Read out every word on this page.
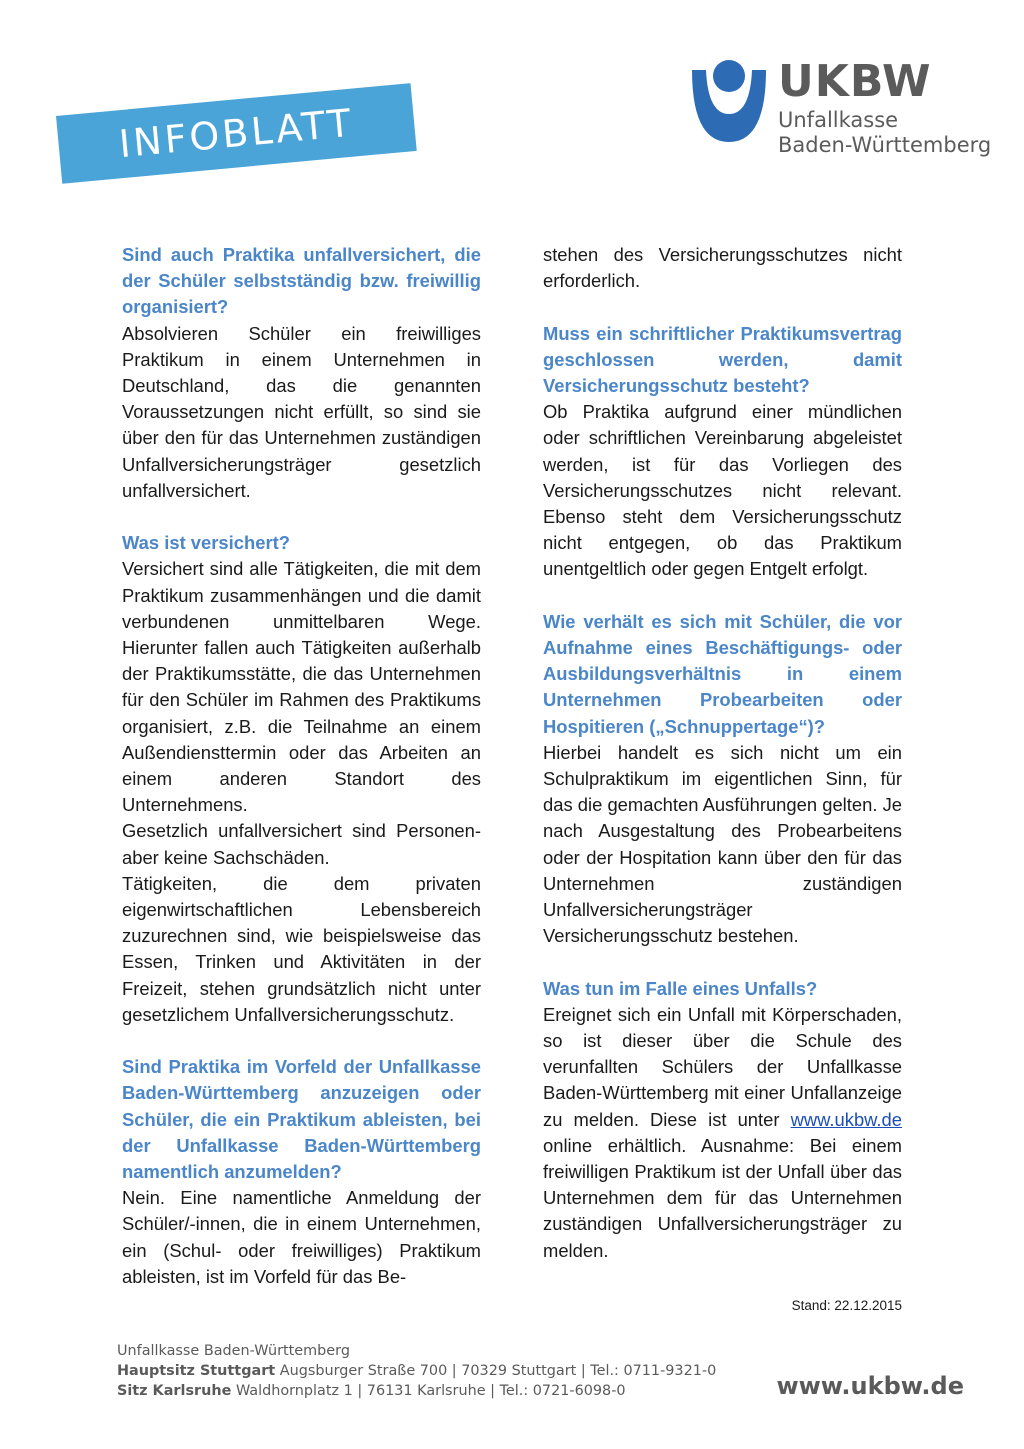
INFOBLATT
UKBW
Unfallkasse
Baden-Württemberg
Sind auch Praktika unfallversichert, die der Schüler selbstständig bzw. freiwillig organisiert?

Absolvieren Schüler ein freiwilliges Praktikum in einem Unternehmen in Deutschland, das die genannten Voraussetzungen nicht erfüllt, so sind sie über den für das Unternehmen zuständigen Unfallversicherungsträger gesetzlich unfallversichert.

Was ist versichert?

Versichert sind alle Tätigkeiten, die mit dem Praktikum zusammenhängen und die damit verbundenen unmittelbaren Wege. Hierunter fallen auch Tätigkeiten außerhalb der Praktikumsstätte, die das Unternehmen für den Schüler im Rahmen des Praktikums organisiert, z.B. die Teilnahme an einem Außendiensttermin oder das Arbeiten an einem anderen Standort des Unternehmens.

Gesetzlich unfallversichert sind Personen- aber keine Sachschäden.

Tätigkeiten, die dem privaten eigenwirtschaftlichen Lebensbereich zuzurechnen sind, wie beispielsweise das Essen, Trinken und Aktivitäten in der Freizeit, stehen grundsätzlich nicht unter gesetzlichem Unfallversicherungsschutz.

Sind Praktika im Vorfeld der Unfallkasse Baden-Württemberg anzuzeigen oder Schüler, die ein Praktikum ableisten, bei der Unfallkasse Baden-Württemberg namentlich anzumelden?

Nein. Eine namentliche Anmeldung der Schüler/-innen, die in einem Unternehmen, ein (Schul- oder freiwilliges) Praktikum ableisten, ist im Vorfeld für das Be-

stehen des Versicherungsschutzes nicht erforderlich.

Muss ein schriftlicher Praktikumsvertrag geschlossen werden, damit Versicherungsschutz besteht?

Ob Praktika aufgrund einer mündlichen oder schriftlichen Vereinbarung abgeleistet werden, ist für das Vorliegen des Versicherungsschutzes nicht relevant. Ebenso steht dem Versicherungsschutz nicht entgegen, ob das Praktikum unentgeltlich oder gegen Entgelt erfolgt.

Wie verhält es sich mit Schüler, die vor Aufnahme eines Beschäftigungs- oder Ausbildungsverhältnis in einem Unternehmen Probearbeiten oder Hospitieren („Schnuppertage“)?

Hierbei handelt es sich nicht um ein Schulpraktikum im eigentlichen Sinn, für das die gemachten Ausführungen gelten. Je nach Ausgestaltung des Probearbeitens oder der Hospitation kann über den für das Unternehmen zuständigen Unfallversicherungsträger Versicherungsschutz bestehen.

Was tun im Falle eines Unfalls?

Ereignet sich ein Unfall mit Körperschaden, so ist dieser über die Schule des verunfallten Schülers der Unfallkasse Baden-Württemberg mit einer Unfallanzeige zu melden. Diese ist unter www.ukbw.de online erhältlich. Ausnahme: Bei einem freiwilligen Praktikum ist der Unfall über das Unternehmen dem für das Unternehmen zuständigen Unfallversicherungsträger zu melden.

Stand: 22.12.2015
Unfallkasse Baden-Württemberg
Hauptsitz Stuttgart Augsburger Straße 700 | 70329 Stuttgart | Tel.: 0711-9321-0
Sitz Karlsruhe Waldhornplatz 1 | 76131 Karlsruhe | Tel.: 0721-6098-0	www.ukbw.de
